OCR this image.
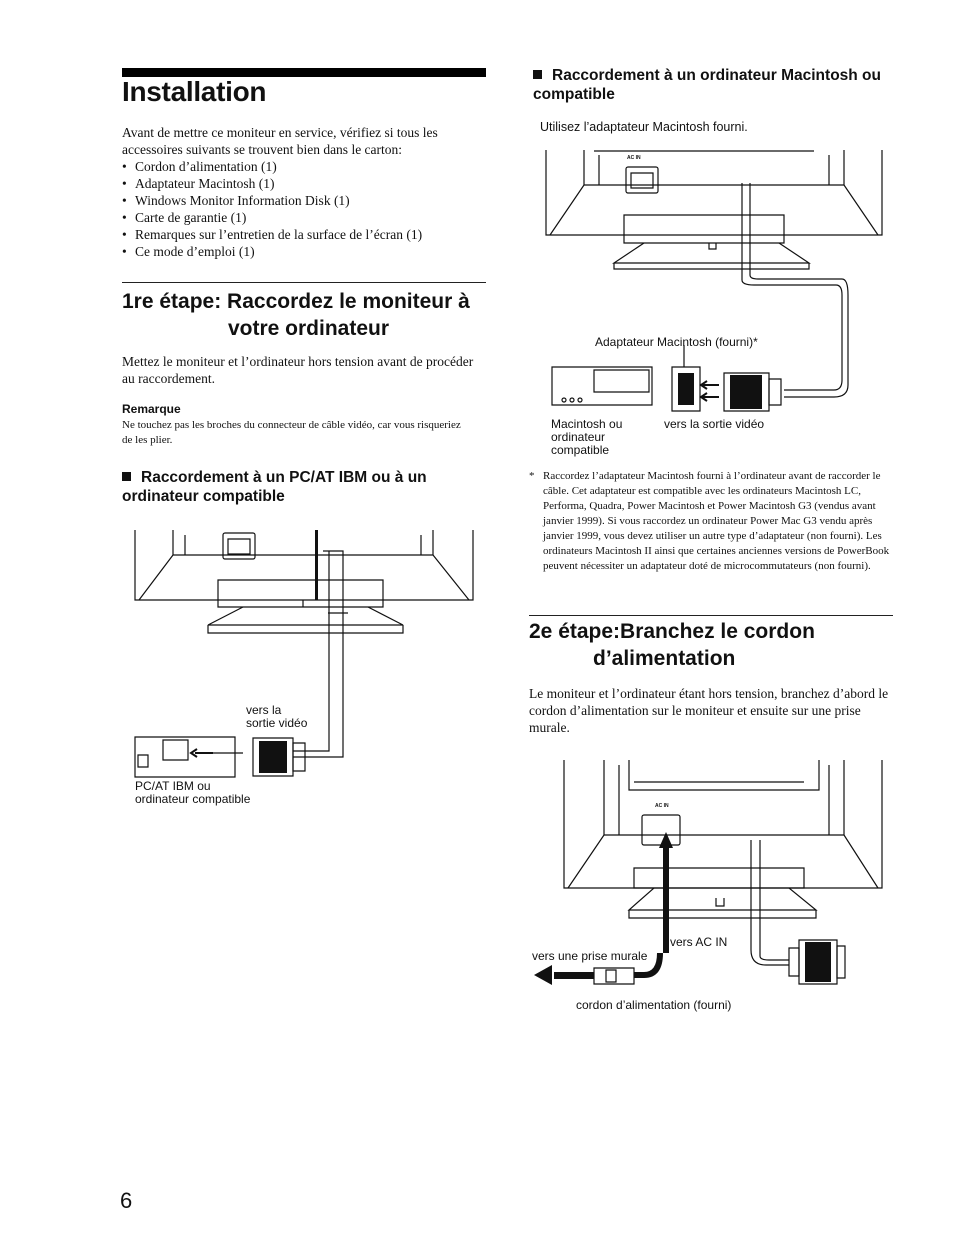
Installation
Avant de mettre ce moniteur en service, vérifiez si tous les accessoires suivants se trouvent bien dans le carton:
• Cordon d’alimentation (1)
• Adaptateur Macintosh (1)
• Windows Monitor Information Disk (1)
• Carte de garantie (1)
• Remarques sur l’entretien de la surface de l’écran (1)
• Ce mode d’emploi (1)
1re étape: Raccordez le moniteur à
votre ordinateur
Mettez le moniteur et l’ordinateur hors tension avant de procéder au raccordement.
Remarque
Ne touchez pas les broches du connecteur de câble vidéo, car vous risqueriez de les plier.
Raccordement à un PC/AT IBM ou à un ordinateur compatible
vers la
sortie vidéo
PC/AT IBM ou
ordinateur compatible
6
Raccordement à un ordinateur Macintosh ou compatible
Utilisez l’adaptateur Macintosh fourni.
AC IN
Adaptateur Macintosh (fourni)*
Macintosh ou
ordinateur
compatible
vers la sortie vidéo
* Raccordez l’adaptateur Macintosh fourni à l’ordinateur avant de raccorder le câble. Cet adaptateur est compatible avec les ordinateurs Macintosh LC, Performa, Quadra, Power Macintosh et Power Macintosh G3 (vendus avant janvier 1999). Si vous raccordez un ordinateur Power Mac G3 vendu après janvier 1999, vous devez utiliser un autre type d’adaptateur (non fourni). Les ordinateurs Macintosh II ainsi que certaines anciennes versions de PowerBook peuvent nécessiter un adaptateur doté de microcommutateurs (non fourni).
2e étape:Branchez le cordon
d’alimentation
Le moniteur et l’ordinateur étant hors tension, branchez d’abord le cordon d’alimentation sur le moniteur et ensuite sur une prise murale.
AC IN
vers AC IN
vers une prise murale
cordon d’alimentation (fourni)
